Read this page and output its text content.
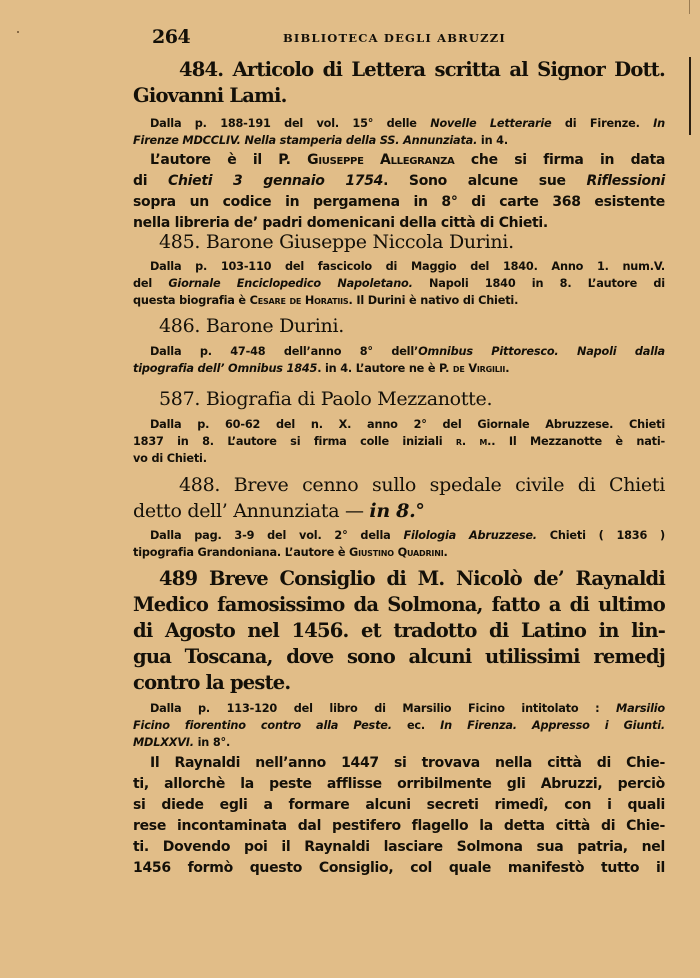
264	BIBLIOTECA DEGLI ABRUZZI
484. Articolo di Lettera scritta al Signor Dott.
Giovanni Lami.
Dalla p. 188-191 del vol. 15° delle Novelle Letterarie di Firenze. In
Firenze MDCCLIV. Nella stamperia della SS. Annunziata. in 4.
L’autore è il P. Giuseppe Allegranza che si firma in data
di Chieti 3 gennaio 1754. Sono alcune sue Riflessioni
sopra un codice in pergamena in 8° di carte 368 esistente
nella libreria de’ padri domenicani della città di Chieti.
485. Barone Giuseppe Niccola Durini.
Dalla p. 103-110 del fascicolo di Maggio del 1840. Anno 1. num.V.
del Giornale Enciclopedico Napoletano. Napoli 1840 in 8. L’autore di
questa biografia è Cesare de Horatiis. Il Durini è nativo di Chieti.
486. Barone Durini.
Dalla p. 47-48 dell’anno 8° dell’Omnibus Pittoresco. Napoli dalla
tipografia dell’ Omnibus 1845. in 4. L’autore ne è P. de Virgilii.
587. Biografia di Paolo Mezzanotte.
Dalla p. 60-62 del n. X. anno 2° del Giornale Abruzzese. Chieti
1837 in 8. L’autore si firma colle iniziali r. m.. Il Mezzanotte è nati-
vo di Chieti.
488. Breve cenno sullo spedale civile di Chieti
detto dell’ Annunziata — in 8.°
Dalla pag. 3-9 del vol. 2° della Filologia Abruzzese. Chieti ( 1836 )
tipografia Grandoniana. L’autore è Giustino Quadrini.
489 Breve Consiglio di M. Nicolò de’ Raynaldi
Medico famosissimo da Solmona, fatto a di ultimo
di Agosto nel 1456. et tradotto di Latino in lin-
gua Toscana, dove sono alcuni utilissimi remedj
contro la peste.
Dalla p. 113-120 del libro di Marsilio Ficino intitolato : Marsilio
Ficino fiorentino contro alla Peste. ec. In Firenza. Appresso i Giunti.
MDLXXVI. in 8°.
Il Raynaldi nell’anno 1447 si trovava nella città di Chie-
ti, allorchè la peste afflisse orribilmente gli Abruzzi, perciò
si diede egli a formare alcuni secreti rimedî, con i quali
rese incontaminata dal pestifero flagello la detta città di Chie-
ti. Dovendo poi il Raynaldi lasciare Solmona sua patria, nel
1456 formò questo Consiglio, col quale manifestò tutto il
